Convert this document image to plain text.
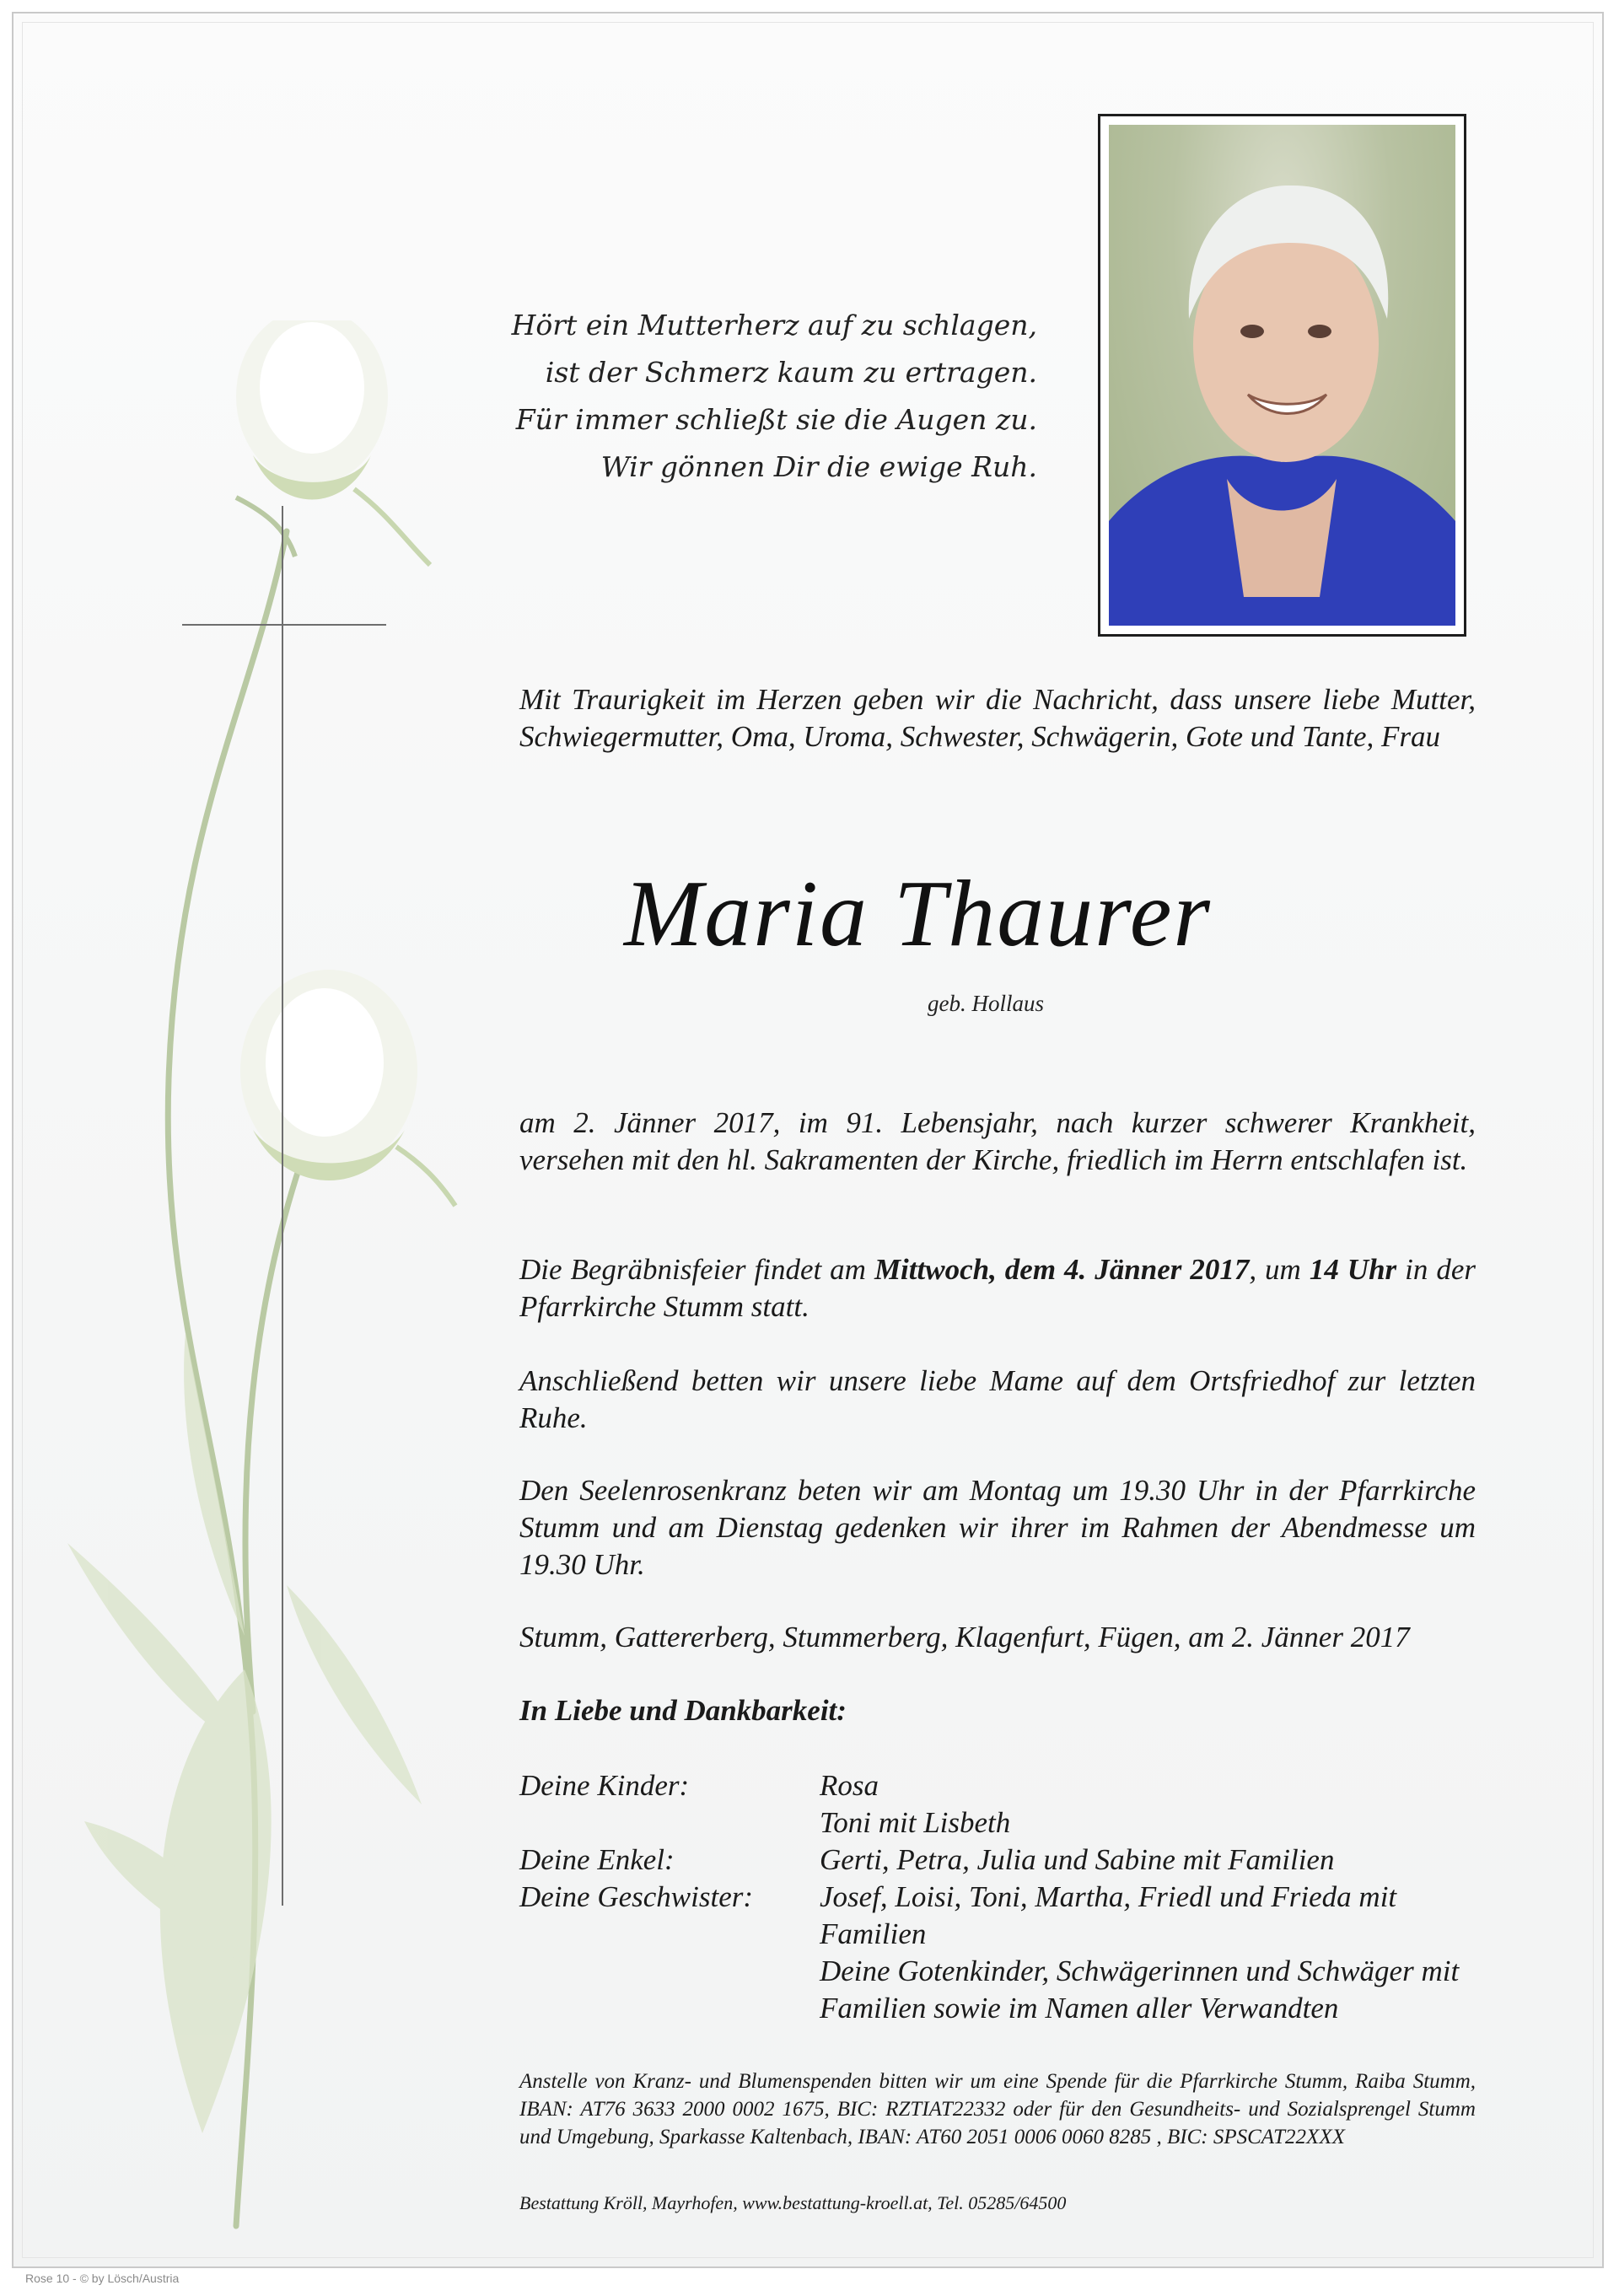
Hört ein Mutterherz auf zu schlagen,
ist der Schmerz kaum zu ertragen.
Für immer schließt sie die Augen zu.
Wir gönnen Dir die ewige Ruh.
Mit Traurigkeit im Herzen geben wir die Nachricht, dass unsere liebe Mutter, Schwiegermutter, Oma, Uroma, Schwester, Schwägerin, Gote und Tante, Frau
Maria Thaurer
geb. Hollaus
am 2. Jänner 2017, im 91. Lebensjahr, nach kurzer schwerer Krankheit, versehen mit den hl. Sakramenten der Kirche, friedlich im Herrn entschlafen ist.
Die Begräbnisfeier findet am Mittwoch, dem 4. Jänner 2017, um 14 Uhr in der Pfarrkirche Stumm statt.
Anschließend betten wir unsere liebe Mame auf dem Ortsfriedhof zur letzten Ruhe.
Den Seelenrosenkranz beten wir am Montag um 19.30 Uhr in der Pfarrkirche Stumm und am Dienstag gedenken wir ihrer im Rahmen der Abendmesse um 19.30 Uhr.
Stumm, Gattererberg, Stummerberg, Klagenfurt, Fügen, am 2. Jänner 2017
In Liebe und Dankbarkeit:
Deine Kinder:	Rosa
Toni mit Lisbeth
Deine Enkel:	Gerti, Petra, Julia und Sabine mit Familien
Deine Geschwister:	Josef, Loisi, Toni, Martha, Friedl und Frieda mit Familien
Deine Gotenkinder, Schwägerinnen und Schwäger mit Familien sowie im Namen aller Verwandten
Anstelle von Kranz- und Blumenspenden bitten wir um eine Spende für die Pfarrkirche Stumm, Raiba Stumm, IBAN: AT76 3633 2000 0002 1675, BIC: RZTIAT22332 oder für den Gesundheits- und Sozialsprengel Stumm und Umgebung, Sparkasse Kaltenbach, IBAN: AT60 2051 0006 0060 8285 , BIC: SPSCAT22XXX
Bestattung Kröll, Mayrhofen, www.bestattung-kroell.at, Tel. 05285/64500
Rose 10 - © by Lösch/Austria
